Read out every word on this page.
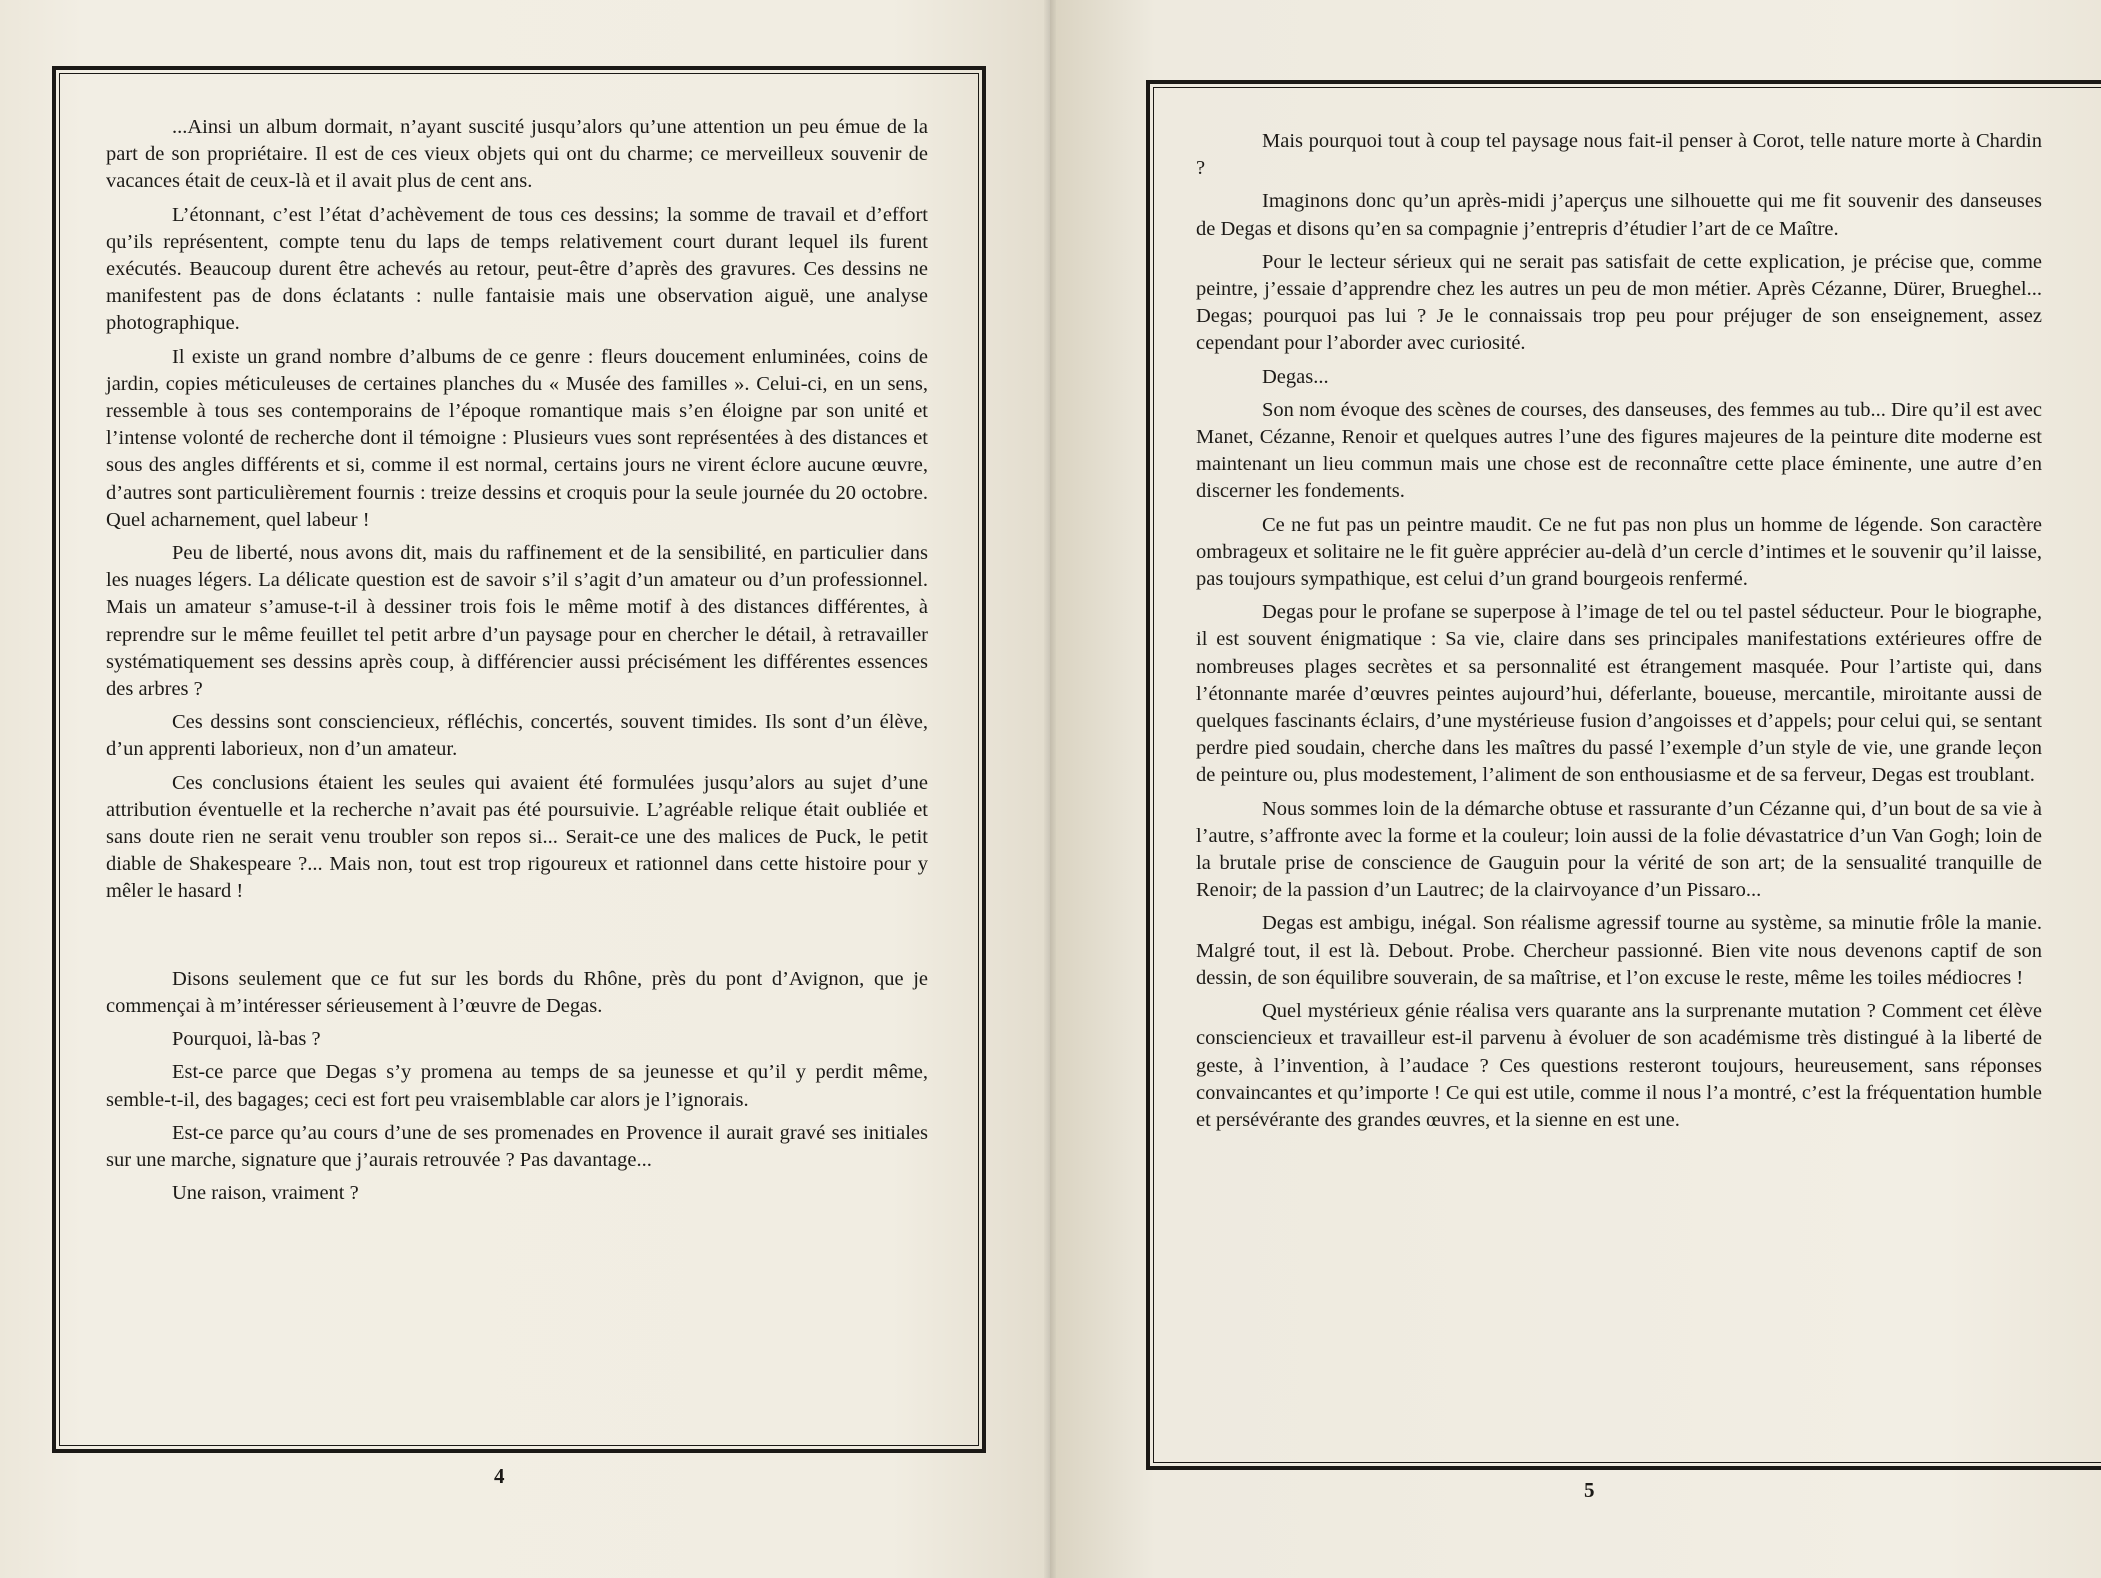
...Ainsi un album dormait, n’ayant suscité jusqu’alors qu’une attention un peu émue de la part de son propriétaire. Il est de ces vieux objets qui ont du charme; ce merveilleux souvenir de vacances était de ceux-là et il avait plus de cent ans.

L’étonnant, c’est l’état d’achèvement de tous ces dessins; la somme de travail et d’effort qu’ils représentent, compte tenu du laps de temps relativement court durant lequel ils furent exécutés. Beaucoup durent être achevés au retour, peut-être d’après des gravures. Ces dessins ne manifestent pas de dons éclatants : nulle fantaisie mais une observation aiguë, une analyse photographique.

Il existe un grand nombre d’albums de ce genre : fleurs doucement enluminées, coins de jardin, copies méticuleuses de certaines planches du « Musée des familles ». Celui-ci, en un sens, ressemble à tous ses contemporains de l’époque romantique mais s’en éloigne par son unité et l’intense volonté de recherche dont il témoigne : Plusieurs vues sont représentées à des distances et sous des angles différents et si, comme il est normal, certains jours ne virent éclore aucune œuvre, d’autres sont particulièrement fournis : treize dessins et croquis pour la seule journée du 20 octobre. Quel acharnement, quel labeur !

Peu de liberté, nous avons dit, mais du raffinement et de la sensibilité, en particulier dans les nuages légers. La délicate question est de savoir s’il s’agit d’un amateur ou d’un professionnel. Mais un amateur s’amuse-t-il à dessiner trois fois le même motif à des distances différentes, à reprendre sur le même feuillet tel petit arbre d’un paysage pour en chercher le détail, à retravailler systématiquement ses dessins après coup, à différencier aussi précisément les différentes essences des arbres ?

Ces dessins sont consciencieux, réfléchis, concertés, souvent timides. Ils sont d’un élève, d’un apprenti laborieux, non d’un amateur.

Ces conclusions étaient les seules qui avaient été formulées jusqu’alors au sujet d’une attribution éventuelle et la recherche n’avait pas été poursuivie. L’agréable relique était oubliée et sans doute rien ne serait venu troubler son repos si... Serait-ce une des malices de Puck, le petit diable de Shakespeare ?... Mais non, tout est trop rigoureux et rationnel dans cette histoire pour y mêler le hasard !

Disons seulement que ce fut sur les bords du Rhône, près du pont d’Avignon, que je commençai à m’intéresser sérieusement à l’œuvre de Degas.

Pourquoi, là-bas ?

Est-ce parce que Degas s’y promena au temps de sa jeunesse et qu’il y perdit même, semble-t-il, des bagages; ceci est fort peu vraisemblable car alors je l’ignorais.

Est-ce parce qu’au cours d’une de ses promenades en Provence il aurait gravé ses initiales sur une marche, signature que j’aurais retrouvée ? Pas davantage...

Une raison, vraiment ?

4

Mais pourquoi tout à coup tel paysage nous fait-il penser à Corot, telle nature morte à Chardin ?

Imaginons donc qu’un après-midi j’aperçus une silhouette qui me fit souvenir des danseuses de Degas et disons qu’en sa compagnie j’entrepris d’étudier l’art de ce Maître.

Pour le lecteur sérieux qui ne serait pas satisfait de cette explication, je précise que, comme peintre, j’essaie d’apprendre chez les autres un peu de mon métier. Après Cézanne, Dürer, Brueghel... Degas; pourquoi pas lui ? Je le connaissais trop peu pour préjuger de son enseignement, assez cependant pour l’aborder avec curiosité.

Degas...

Son nom évoque des scènes de courses, des danseuses, des femmes au tub... Dire qu’il est avec Manet, Cézanne, Renoir et quelques autres l’une des figures majeures de la peinture dite moderne est maintenant un lieu commun mais une chose est de reconnaître cette place éminente, une autre d’en discerner les fondements.

Ce ne fut pas un peintre maudit. Ce ne fut pas non plus un homme de légende. Son caractère ombrageux et solitaire ne le fit guère apprécier au-delà d’un cercle d’intimes et le souvenir qu’il laisse, pas toujours sympathique, est celui d’un grand bourgeois renfermé.

Degas pour le profane se superpose à l’image de tel ou tel pastel séducteur. Pour le biographe, il est souvent énigmatique : Sa vie, claire dans ses principales manifestations extérieures offre de nombreuses plages secrètes et sa personnalité est étrangement masquée. Pour l’artiste qui, dans l’étonnante marée d’œuvres peintes aujourd’hui, déferlante, boueuse, mercantile, miroitante aussi de quelques fascinants éclairs, d’une mystérieuse fusion d’angoisses et d’appels; pour celui qui, se sentant perdre pied soudain, cherche dans les maîtres du passé l’exemple d’un style de vie, une grande leçon de peinture ou, plus modestement, l’aliment de son enthousiasme et de sa ferveur, Degas est troublant.

Nous sommes loin de la démarche obtuse et rassurante d’un Cézanne qui, d’un bout de sa vie à l’autre, s’affronte avec la forme et la couleur; loin aussi de la folie dévastatrice d’un Van Gogh; loin de la brutale prise de conscience de Gauguin pour la vérité de son art; de la sensualité tranquille de Renoir; de la passion d’un Lautrec; de la clairvoyance d’un Pissaro...

Degas est ambigu, inégal. Son réalisme agressif tourne au système, sa minutie frôle la manie. Malgré tout, il est là. Debout. Probe. Chercheur passionné. Bien vite nous devenons captif de son dessin, de son équilibre souverain, de sa maîtrise, et l’on excuse le reste, même les toiles médiocres !

Quel mystérieux génie réalisa vers quarante ans la surprenante mutation ? Comment cet élève consciencieux et travailleur est-il parvenu à évoluer de son académisme très distingué à la liberté de geste, à l’invention, à l’audace ? Ces questions resteront toujours, heureusement, sans réponses convaincantes et qu’importe ! Ce qui est utile, comme il nous l’a montré, c’est la fréquentation humble et persévérante des grandes œuvres, et la sienne en est une.

5
